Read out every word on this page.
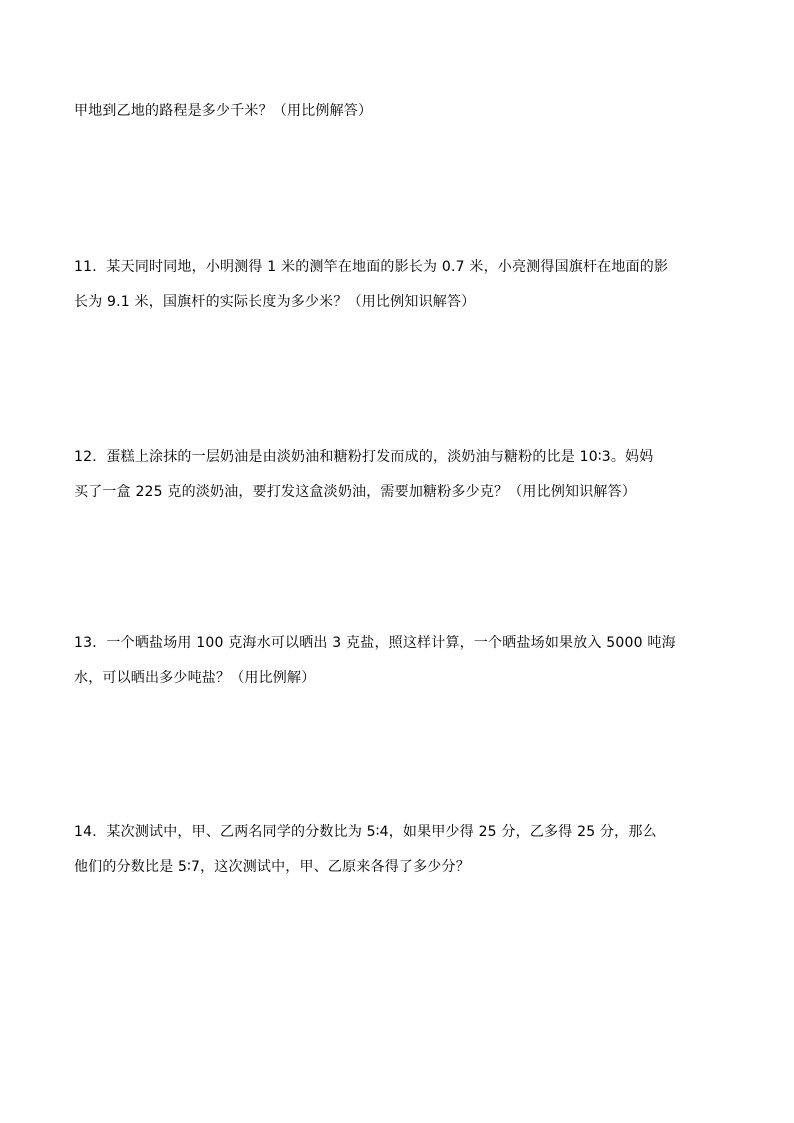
甲地到乙地的路程是多少千米？（用比例解答）
11．某天同时同地，小明测得 1 米的测竿在地面的影长为 0.7 米，小亮测得国旗杆在地面的影
长为 9.1 米，国旗杆的实际长度为多少米？（用比例知识解答）
12．蛋糕上涂抹的一层奶油是由淡奶油和糖粉打发而成的，淡奶油与糖粉的比是 10∶3。妈妈
买了一盒 225 克的淡奶油，要打发这盒淡奶油，需要加糖粉多少克？（用比例知识解答）
13．一个晒盐场用 100 克海水可以晒出 3 克盐，照这样计算，一个晒盐场如果放入 5000 吨海
水，可以晒出多少吨盐？（用比例解）
14．某次测试中，甲、乙两名同学的分数比为 5∶4，如果甲少得 25 分，乙多得 25 分，那么
他们的分数比是 5∶7，这次测试中，甲、乙原来各得了多少分？
